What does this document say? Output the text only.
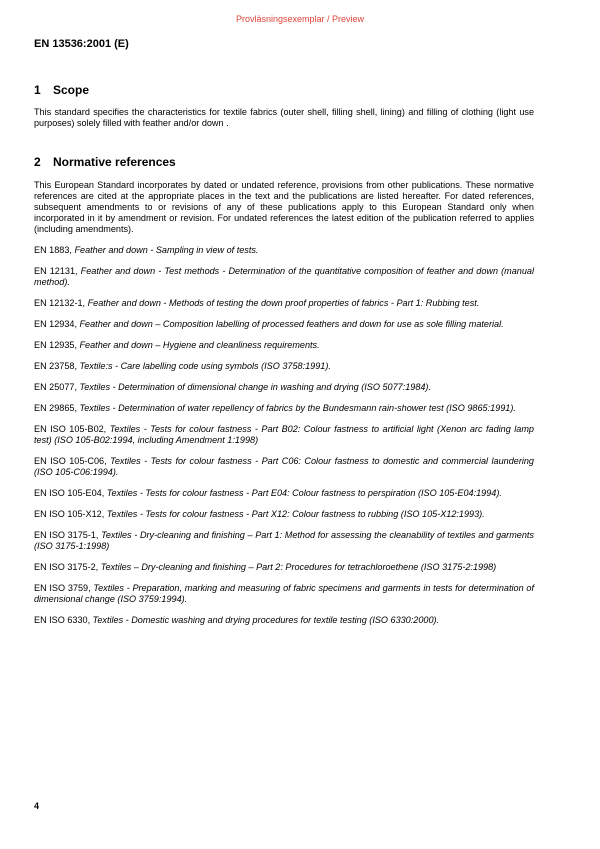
Provläsningsexemplar / Preview
EN 13536:2001 (E)
1	Scope

This standard specifies the characteristics for textile fabrics (outer shell, filling shell, lining) and filling of clothing (light use purposes) solely filled with feather and/or down .

2	Normative references

This European Standard incorporates by dated or undated reference, provisions from other publications. These normative references are cited at the appropriate places in the text and the publications are listed hereafter. For dated references, subsequent amendments to or revisions of any of these publications apply to this European Standard only when incorporated in it by amendment or revision. For undated references the latest edition of the publication referred to applies (including amendments).

EN 1883, Feather and down - Sampling in view of tests.

EN 12131, Feather and down - Test methods - Determination of the quantitative composition of feather and down (manual method).

EN 12132-1, Feather and down - Methods of testing the down proof properties of fabrics - Part 1: Rubbing test.

EN 12934, Feather and down – Composition labelling of processed feathers and down for use as sole filling material.

EN 12935, Feather and down – Hygiene and cleanliness requirements.

EN 23758, Textile:s - Care labelling code using symbols (ISO 3758:1991).

EN 25077, Textiles - Determination of dimensional change in washing and drying (ISO 5077:1984).

EN 29865, Textiles - Determination of water repellency of fabrics by the Bundesmann rain-shower test (ISO 9865:1991).

EN ISO 105-B02, Textiles - Tests for colour fastness - Part B02: Colour fastness to artificial light (Xenon arc fading lamp test) (ISO 105-B02:1994, including Amendment 1:1998)

EN ISO 105-C06, Textiles - Tests for colour fastness - Part C06: Colour fastness to domestic and commercial laundering (ISO 105-C06:1994).

EN ISO 105-E04, Textiles - Tests for colour fastness - Part E04: Colour fastness to perspiration (ISO 105-E04:1994).

EN ISO 105-X12, Textiles - Tests for colour fastness - Part X12: Colour fastness to rubbing (ISO 105-X12:1993).

EN ISO 3175-1, Textiles - Dry-cleaning and finishing – Part 1: Method for assessing the cleanability of textiles and garments (ISO 3175-1:1998)

EN ISO 3175-2, Textiles – Dry-cleaning and finishing – Part 2: Procedures for tetrachloroethene (ISO 3175-2:1998)

EN ISO 3759, Textiles - Preparation, marking and measuring of fabric specimens and garments in tests for determination of dimensional change (ISO 3759:1994).

EN ISO 6330, Textiles - Domestic washing and drying procedures for textile testing (ISO 6330:2000).

4
